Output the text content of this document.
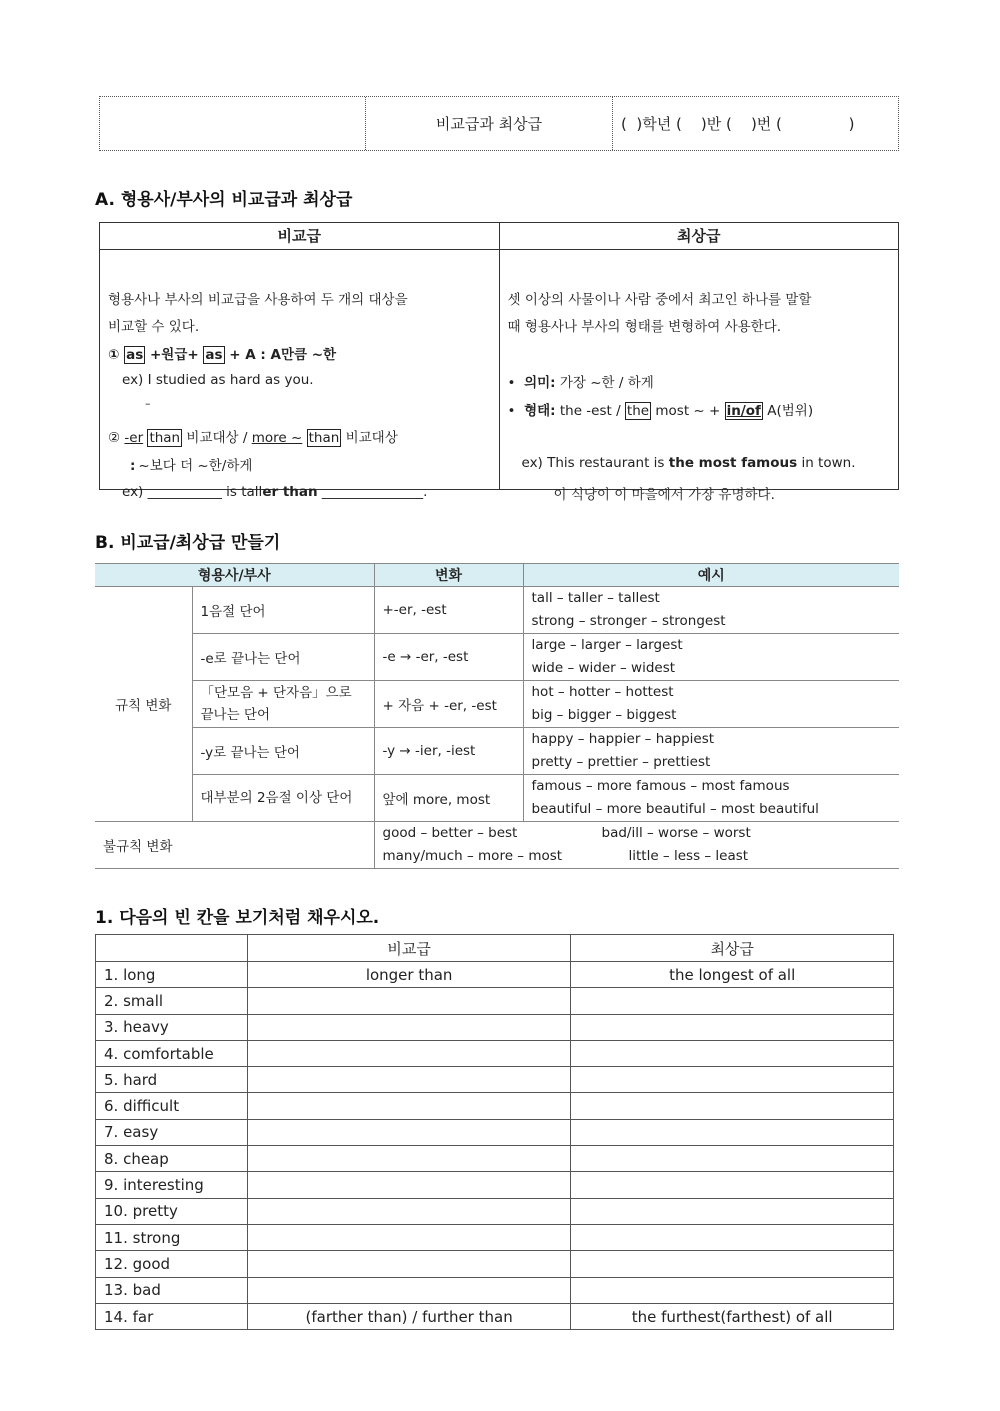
비교급과 최상급	(  )학년 (    )반 (    )번 (              )
A. 형용사/부사의 비교급과 최상급
비교급	최상급
형용사나 부사의 비교급을 사용하여 두 개의 대상을
비교할 수 있다.
① as +원급+ as + A : A만큼 ~한
ex) I studied as hard as you.
–
② -er than 비교대상 / more ~ than 비교대상
: ~보다 더 ~한/하게
ex) ___________ is taller than _______________.
셋 이상의 사물이나 사람 중에서 최고인 하나를 말할
때 형용사나 부사의 형태를 변형하여 사용한다.
• 의미: 가장 ~한 / 하게
• 형태: the -est / the most ~ + in/of A(범위)
ex) This restaurant is the most famous in town.
이 식당이 이 마을에서 가장 유명하다.
B. 비교급/최상급 만들기
형용사/부사		변화	예시
규칙 변화	1음절 단어	+-er, -est	tall – taller – tallest
strong – stronger – strongest

	-e로 끝나는 단어	-e → -er, -est	large – larger – largest
wide – wider – widest

	「단모음 + 단자음」으로 끝나는 단어	+ 자음 + -er, -est	hot – hotter – hottest
big – bigger – biggest

	-y로 끝나는 단어	-y → -ier, -iest	happy – happier – happiest
pretty – prettier – prettiest

	대부분의 2음절 이상 단어	앞에 more, most	famous – more famous – most famous
beautiful – more beautiful – most beautiful

불규칙 변화		good – better – best bad/ill – worse – worst
many/much – more – most little – less – least	
1. 다음의 빈 칸을 보기처럼 채우시오.
	비교급	최상급
1. long	longer than	the longest of all
2. small		
3. heavy		
4. comfortable		
5. hard		
6. difficult		
7. easy		
8. cheap		
9. interesting		
10. pretty		
11. strong		
12. good		
13. bad		
14. far	(farther than) / further than	the furthest(farthest) of all
